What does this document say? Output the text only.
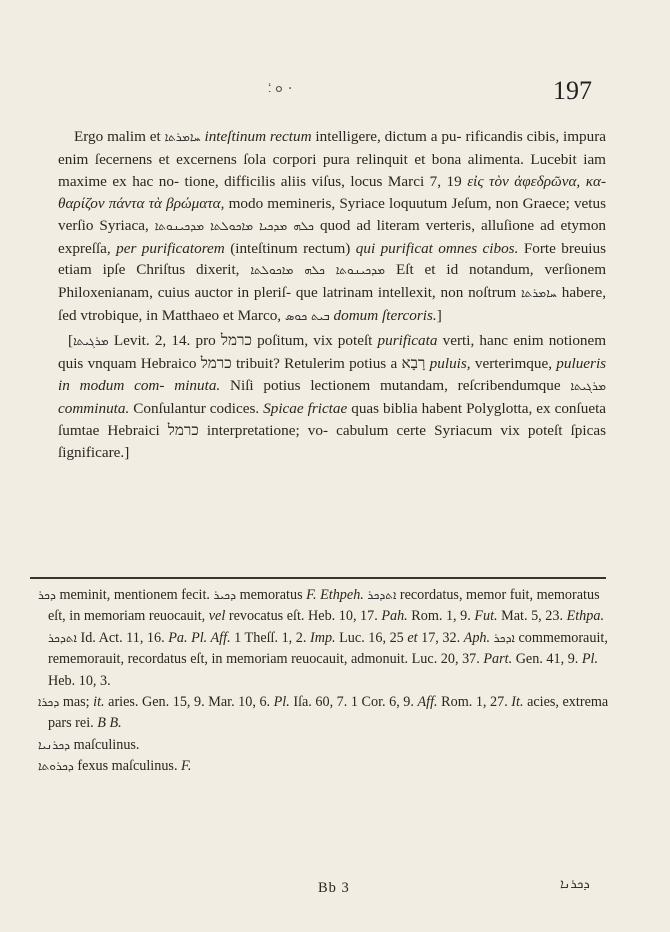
٠ ܘ ؛	197

Ergo malim et ܚܐܡܪܬܐ inteſtinum rectum intelligere, dictum a pu- rificandis cibis, impura enim ſecernens et excernens ſola corpori pura relinquit et bona alimenta. Lucebit iam maxime ex hac no- tione, difficilis aliis viſus, locus Marci 7, 19 εἰς τὸν ἀφεδρῶνα, κα- θαρίζον πάντα τὰ βρώματα, modo memineris, Syriace loquutum Jeſum, non Graece; vetus verſio Syriaca,	ܟܠܗ ܡܕܟܝܐ ܡܐܟܘܠܬܐ ܡܕܟܝܢܘܬܐ	quod ad literam verteris, alluſione ad etymon expreſſa, per purificatorem (inteſtinum rectum) qui purificat omnes cibos. Forte breuius etiam ipſe Chriſtus dixerit, ܡܕܟܝܢܘܬܐ ܟܠܗ ܡܐܟܘܠܬܐ Eſt et id notandum, verſionem Philoxenianam, cuius auctor in pleriſ- que latrinam intellexit, non noſtrum ܚܐܡܪܬܐ habere, ſed vtrobique, in Matthaeo et Marco, ܒܝܬ ܟܘܣ domum ſtercoris.]

[ܡܪܓܝܬܐ Levit. 2, 14. pro כרמל poſitum, vix poteſt purificata verti, hanc enim notionem quis vnquam Hebraico כרמל tribuit? Retulerim potius a רָבָא puluis, verterimque, pulueris in modum com- minuta. Niſi potius lectionem mutandam, reſcribendumque ܡܪܓܝܬܐ comminuta. Conſulantur codices. Spicae frictae quas biblia habent Polyglotta, ex conſueta ſumtae Hebraici כרמל interpretatione; vo- cabulum certe Syriacum vix poteſt ſpicas ſignificare.]

ܕܟܪ meminit, mentionem fecit. ܕܟܝܪ memoratus F. Ethpeh. ܐܬܕܟܪ recordatus, memor fuit, memoratus eſt, in memoriam reuocauit, vel revocatus eſt. Heb. 10, 17. Pah. Rom. 1, 9. Fut. Mat. 5, 23. Ethpa. ܐܬܕܟܪ Id. Act. 11, 16. Pa. Pl. Aff. 1 Theſſ. 1, 2. Imp. Luc. 16, 25 et 17, 32. Aph. ܐܕܟܪ commemorauit, rememorauit, recordatus eſt, in memoriam reuocauit, admonuit. Luc. 20, 37. Part. Gen. 41, 9. Pl. Heb. 10, 3.

ܕܟܪܐ mas; it. aries. Gen. 15, 9. Mar. 10, 6. Pl. Iſa. 60, 7. 1 Cor. 6, 9. Aff. Rom. 1, 27. It. acies, extrema pars rei. B B.

ܕܟܪܢܝܐ maſculinus.

ܕܟܪܘܬܐ fexus maſculinus. F.

Bb 3	ܕܟܪܢܐ
